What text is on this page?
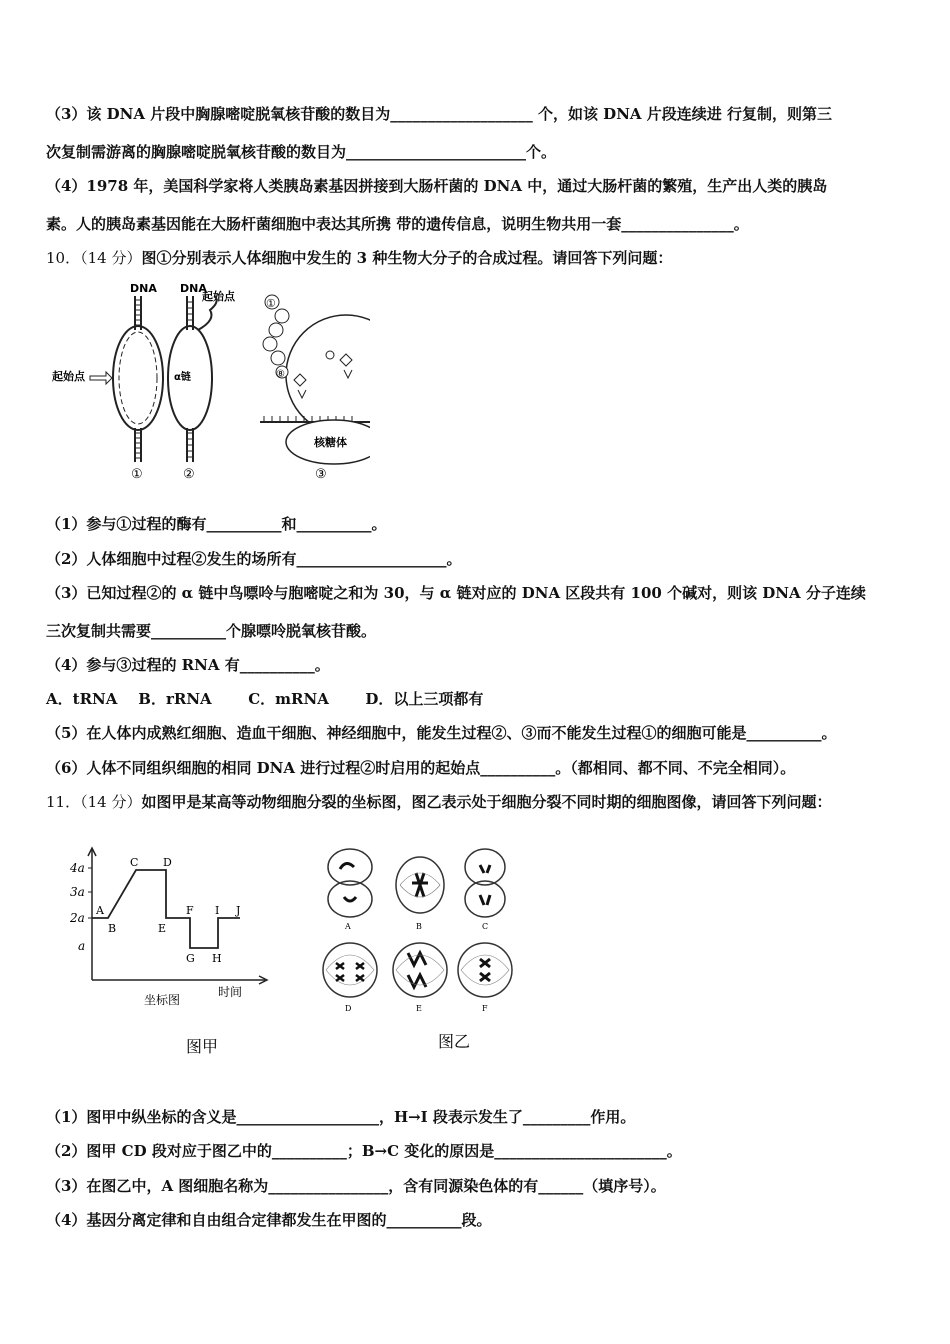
（3）该 DNA 片段中胸腺嘧啶脱氧核苷酸的数目为___________________ 个，如该 DNA 片段连续进 行复制，则第三
次复制需游离的胸腺嘧啶脱氧核苷酸的数目为________________________个。
（4）1978 年，美国科学家将人类胰岛素基因拼接到大肠杆菌的 DNA 中，通过大肠杆菌的繁殖，生产出人类的胰岛
素。人的胰岛素基因能在大肠杆菌细胞中表达其所携 带的遗传信息，说明生物共用一套_______________。
10．（14 分）图①分别表示人体细胞中发生的 3 种生物大分子的合成过程。请回答下列问题：
DNA
起始点
①
DNA
起始点
α链
②
①
⑧
核糖体
③
（1）参与①过程的酶有__________和__________。
（2）人体细胞中过程②发生的场所有____________________。
（3）已知过程②的 α 链中鸟嘌呤与胞嘧啶之和为 30，与 α 链对应的 DNA 区段共有 100 个碱对，则该 DNA 分子连续
三次复制共需要__________个腺嘌呤脱氧核苷酸。
（4）参与③过程的 RNA 有__________。
A．tRNA    B．rRNA       C．mRNA       D．以上三项都有
（5）在人体内成熟红细胞、造血干细胞、神经细胞中，能发生过程②、③而不能发生过程①的细胞可能是__________。
（6）人体不同组织细胞的相同 DNA 进行过程②时启用的起始点__________。（都相同、都不同、不完全相同）。
11．（14 分）如图甲是某高等动物细胞分裂的坐标图，图乙表示处于细胞分裂不同时期的细胞图像，请回答下列问题：
4a
3a
2a
a
A
B
C D
E
F
G H
I J
坐标图
时间
图甲
A	B	C
D	E	F
图乙
（1）图甲中纵坐标的含义是___________________，H→I 段表示发生了_________作用。
（2）图甲 CD 段对应于图乙中的__________；B→C 变化的原因是_______________________。
（3）在图乙中，A 图细胞名称为________________，含有同源染色体的有______（填序号）。
（4）基因分离定律和自由组合定律都发生在甲图的__________段。
